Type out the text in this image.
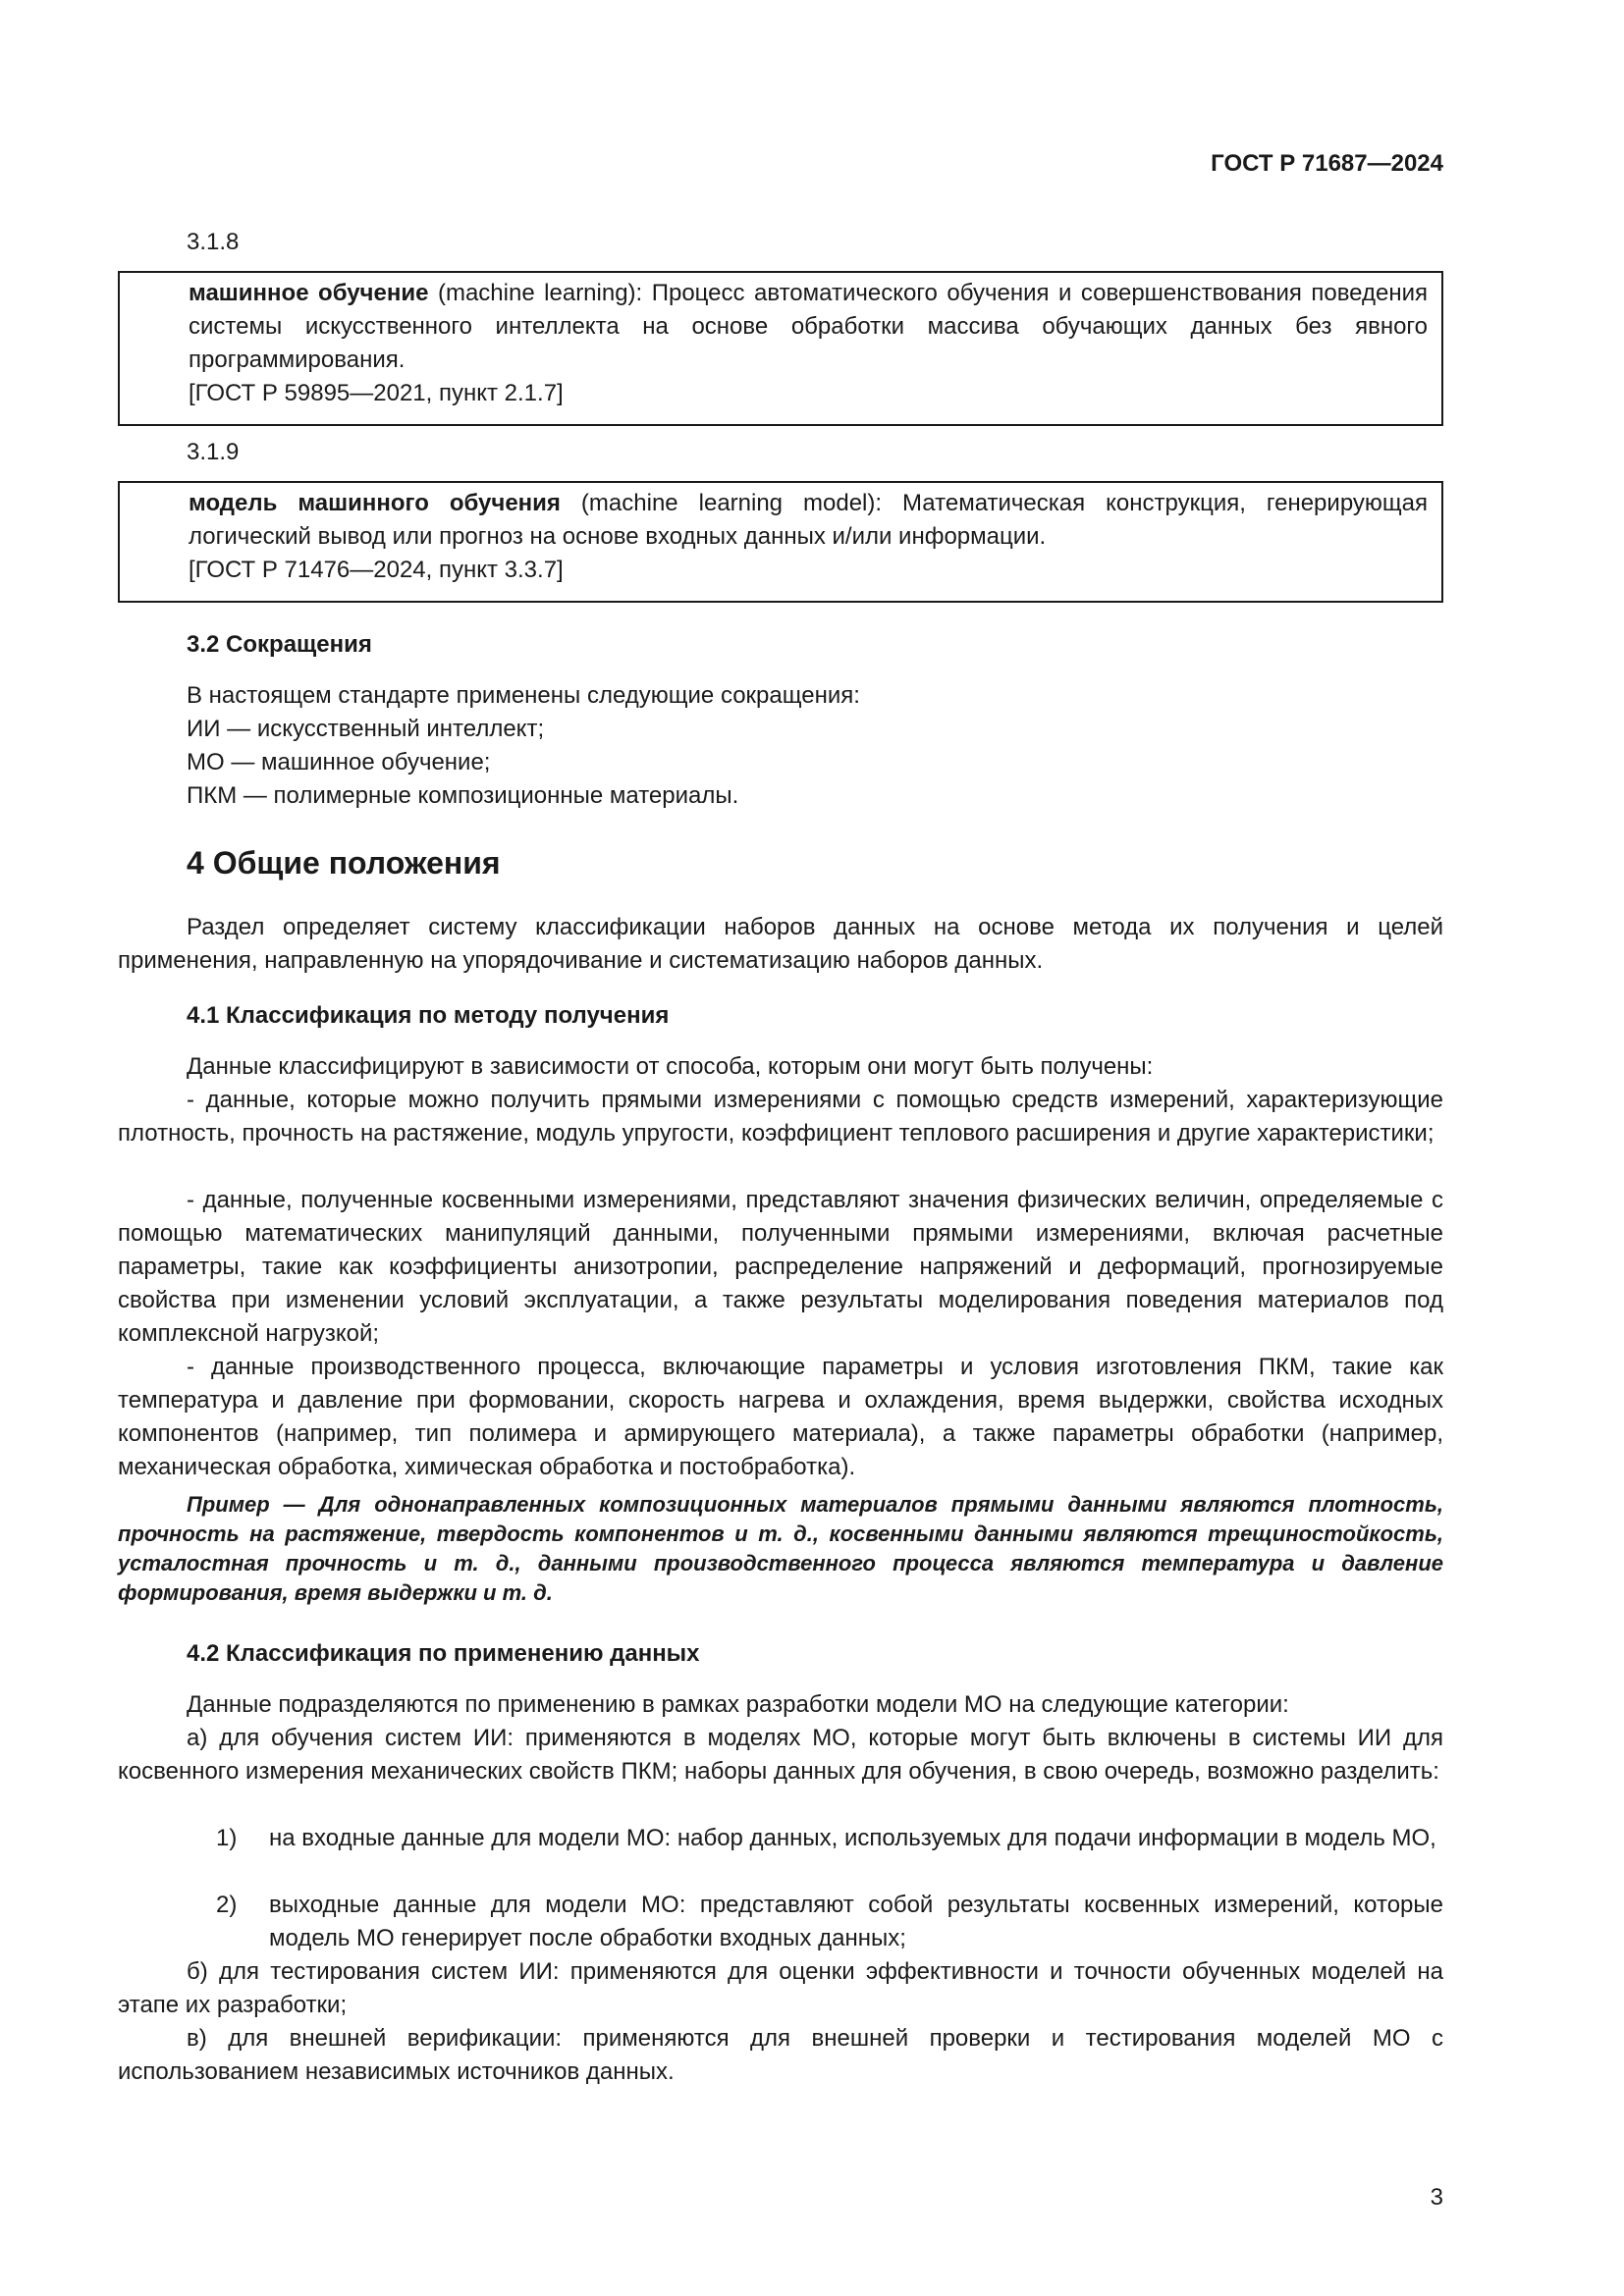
ГОСТ Р 71687—2024
3.1.8

машинное обучение (machine learning): Процесс автоматического обучения и совершенствования поведения системы искусственного интеллекта на основе обработки массива обучающих данных без явного программирования.

[ГОСТ Р 59895—2021, пункт 2.1.7]

3.1.9

модель машинного обучения (machine learning model): Математическая конструкция, генерирующая логический вывод или прогноз на основе входных данных и/или информации.

[ГОСТ Р 71476—2024, пункт 3.3.7]

3.2 Сокращения
В настоящем стандарте применены следующие сокращения:
ИИ — искусственный интеллект;
МО — машинное обучение;
ПКМ — полимерные композиционные материалы.
4 Общие положения

Раздел определяет систему классификации наборов данных на основе метода их получения и целей применения, направленную на упорядочивание и систематизацию наборов данных.

4.1 Классификация по методу получения
Данные классифицируют в зависимости от способа, которым они могут быть получены:

- данные, которые можно получить прямыми измерениями с помощью средств измерений, характеризующие плотность, прочность на растяжение, модуль упругости, коэффициент теплового расширения и другие характеристики;

- данные, полученные косвенными измерениями, представляют значения физических величин, определяемые с помощью математических манипуляций данными, полученными прямыми измерениями, включая расчетные параметры, такие как коэффициенты анизотропии, распределение напряжений и деформаций, прогнозируемые свойства при изменении условий эксплуатации, а также результаты моделирования поведения материалов под комплексной нагрузкой;

- данные производственного процесса, включающие параметры и условия изготовления ПКМ, такие как температура и давление при формовании, скорость нагрева и охлаждения, время выдержки, свойства исходных компонентов (например, тип полимера и армирующего материала), а также параметры обработки (например, механическая обработка, химическая обработка и постобработка).

Пример — Для однонаправленных композиционных материалов прямыми данными являются плотность, прочность на растяжение, твердость компонентов и т. д., косвенными данными являются трещиностойкость, усталостная прочность и т. д., данными производственного процесса являются температура и давление формирования, время выдержки и т. д.

4.2 Классификация по применению данных
Данные подразделяются по применению в рамках разработки модели МО на следующие категории:

а) для обучения систем ИИ: применяются в моделях МО, которые могут быть включены в системы ИИ для косвенного измерения механических свойств ПКМ; наборы данных для обучения, в свою очередь, возможно разделить:

1) на входные данные для модели МО: набор данных, используемых для подачи информации в модель МО,
2) выходные данные для модели МО: представляют собой результаты косвенных измерений, которые модель МО генерирует после обработки входных данных;

б) для тестирования систем ИИ: применяются для оценки эффективности и точности обученных моделей на этапе их разработки;

в) для внешней верификации: применяются для внешней проверки и тестирования моделей МО с использованием независимых источников данных.

3
